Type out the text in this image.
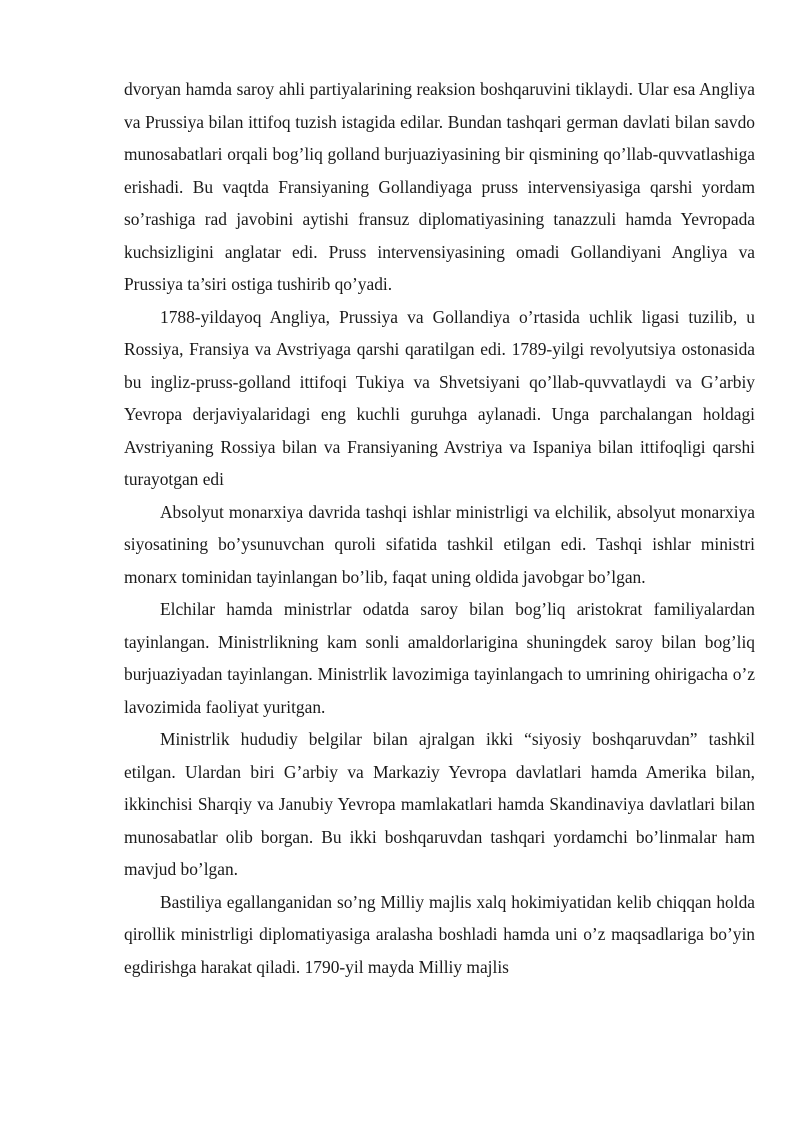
dvoryan hamda saroy ahli partiyalarining reaksion boshqaruvini tiklaydi. Ular esa Angliya va Prussiya bilan ittifoq tuzish istagida edilar. Bundan tashqari german davlati bilan savdo munosabatlari orqali bog’liq golland burjuaziyasining bir qismining qo’llab-quvvatlashiga erishadi. Bu vaqtda Fransiyaning Gollandiyaga pruss intervensiyasiga qarshi yordam so’rashiga rad javobini aytishi fransuz diplomatiyasining tanazzuli hamda Yevropada kuchsizligini anglatar edi. Pruss intervensiyasining omadi Gollandiyani Angliya va Prussiya ta’siri ostiga tushirib qo’yadi.

1788-yildayoq Angliya, Prussiya va Gollandiya o’rtasida uchlik ligasi tuzilib, u Rossiya, Fransiya va Avstriyaga qarshi qaratilgan edi. 1789-yilgi revolyutsiya ostonasida bu ingliz-pruss-golland ittifoqi Tukiya va Shvetsiyani qo’llab-quvvatlaydi va G’arbiy Yevropa derjaviyalaridagi eng kuchli guruhga aylanadi. Unga parchalangan holdagi Avstriyaning Rossiya bilan va Fransiyaning Avstriya va Ispaniya bilan ittifoqligi qarshi turayotgan edi

Absolyut monarxiya davrida tashqi ishlar ministrligi va elchilik, absolyut monarxiya siyosatining bo’ysunuvchan quroli sifatida tashkil etilgan edi. Tashqi ishlar ministri monarx tominidan tayinlangan bo’lib, faqat uning oldida javobgar bo’lgan.

Elchilar hamda ministrlar odatda saroy bilan bog’liq aristokrat familiyalardan tayinlangan. Ministrlikning kam sonli amaldorlarigina shuningdek saroy bilan bog’liq burjuaziyadan tayinlangan. Ministrlik lavozimiga tayinlangach to umrining ohirigacha o’z lavozimida faoliyat yuritgan.

Ministrlik hududiy belgilar bilan ajralgan ikki “siyosiy boshqaruvdan” tashkil etilgan. Ulardan biri G’arbiy va Markaziy Yevropa davlatlari hamda Amerika bilan, ikkinchisi Sharqiy va Janubiy Yevropa mamlakatlari hamda Skandinaviya davlatlari bilan munosabatlar olib borgan. Bu ikki boshqaruvdan tashqari yordamchi bo’linmalar ham mavjud bo’lgan.

Bastiliya egallanganidan so’ng Milliy majlis xalq hokimiyatidan kelib chiqqan holda qirollik ministrligi diplomatiyasiga aralasha boshladi hamda uni o’z maqsadlariga bo’yin egdirishga harakat qiladi. 1790-yil mayda Milliy majlis
